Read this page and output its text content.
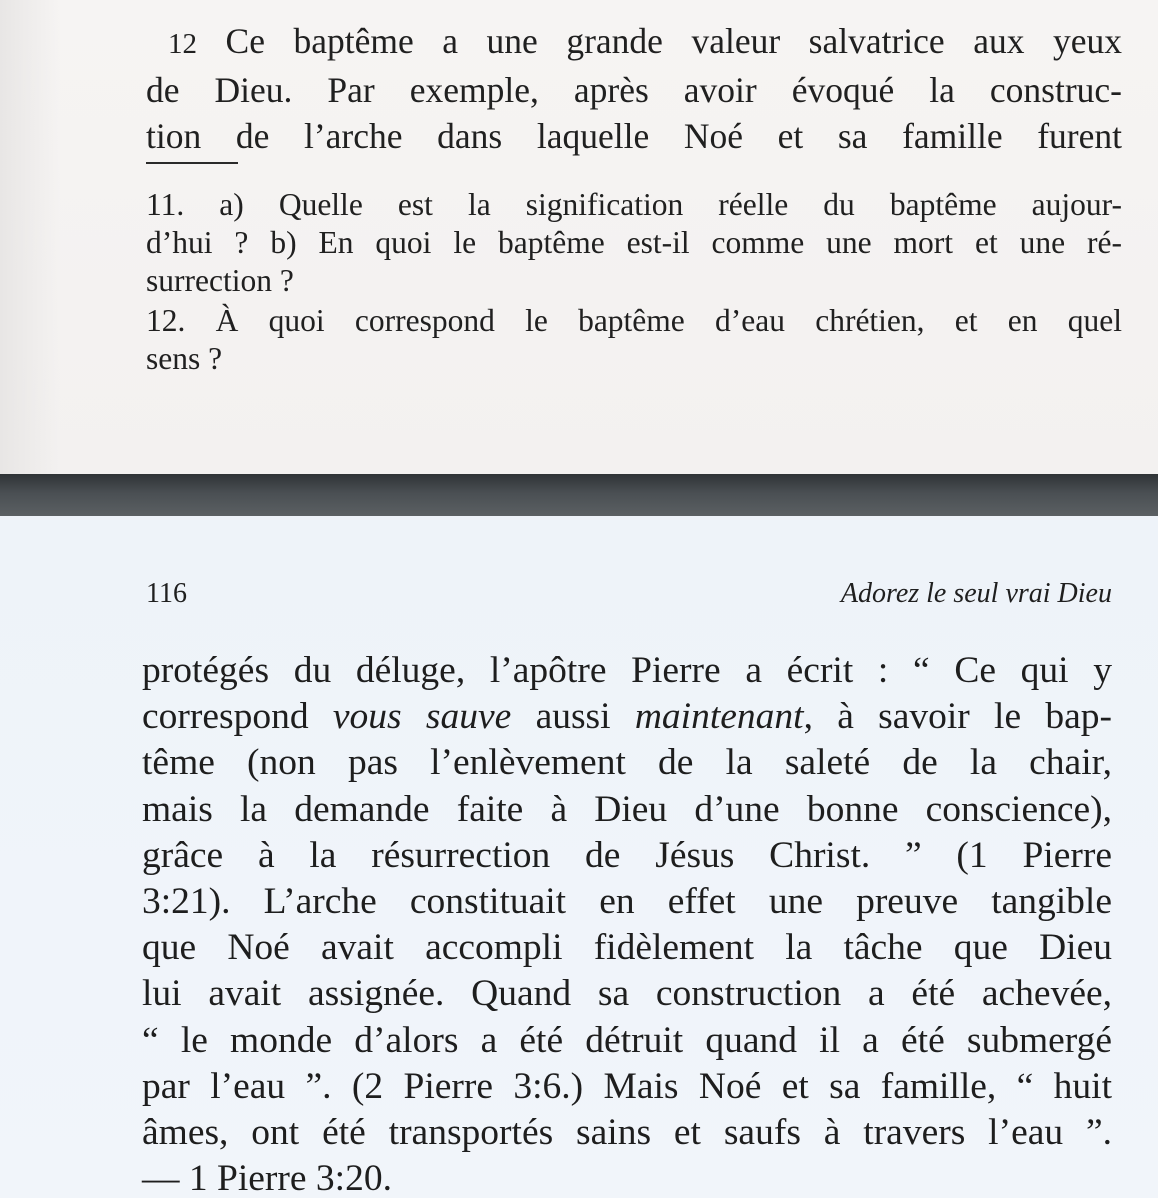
12 Ce baptême a une grande valeur salvatrice aux yeux
de Dieu. Par exemple, après avoir évoqué la construc-
tion de l’arche dans laquelle Noé et sa famille furent
11. a) Quelle est la signification réelle du baptême aujour-
d’hui ? b) En quoi le baptême est-il comme une mort et une ré-
surrection ?
12. À quoi correspond le baptême d’eau chrétien, et en quel
sens ?
116	Adorez le seul vrai Dieu
protégés du déluge, l’apôtre Pierre a écrit : “ Ce qui y
correspond vous sauve aussi maintenant, à savoir le bap-
tême (non pas l’enlèvement de la saleté de la chair,
mais la demande faite à Dieu d’une bonne conscience),
grâce à la résurrection de Jésus Christ. ” (1 Pierre
3:21). L’arche constituait en effet une preuve tangible
que Noé avait accompli fidèlement la tâche que Dieu
lui avait assignée. Quand sa construction a été achevée,
“ le monde d’alors a été détruit quand il a été submergé
par l’eau ”. (2 Pierre 3:6.) Mais Noé et sa famille, “ huit
âmes, ont été transportés sains et saufs à travers l’eau ”.
— 1 Pierre 3:20.
